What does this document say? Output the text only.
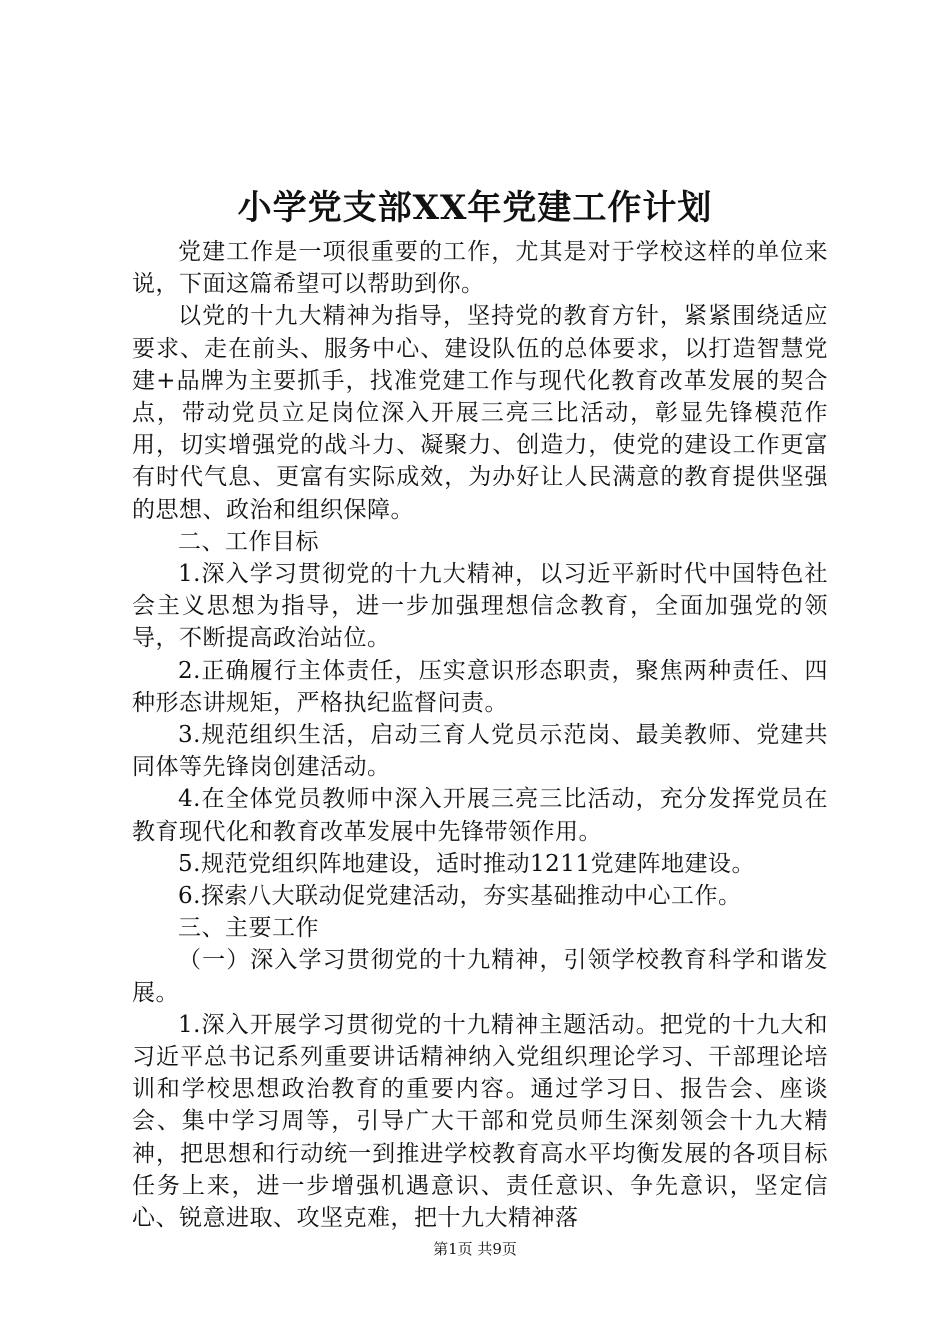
小学党支部XX年党建工作计划

党建工作是一项很重要的工作，尤其是对于学校这样的单位来说，下面这篇希望可以帮助到你。

以党的十九大精神为指导，坚持党的教育方针，紧紧围绕适应要求、走在前头、服务中心、建设队伍的总体要求，以打造智慧党建+品牌为主要抓手，找准党建工作与现代化教育改革发展的契合点，带动党员立足岗位深入开展三亮三比活动，彰显先锋模范作用，切实增强党的战斗力、凝聚力、创造力，使党的建设工作更富有时代气息、更富有实际成效，为办好让人民满意的教育提供坚强的思想、政治和组织保障。

二、工作目标

1.深入学习贯彻党的十九大精神，以习近平新时代中国特色社会主义思想为指导，进一步加强理想信念教育，全面加强党的领导，不断提高政治站位。

2.正确履行主体责任，压实意识形态职责，聚焦两种责任、四种形态讲规矩，严格执纪监督问责。

3.规范组织生活，启动三育人党员示范岗、最美教师、党建共同体等先锋岗创建活动。

4.在全体党员教师中深入开展三亮三比活动，充分发挥党员在教育现代化和教育改革发展中先锋带领作用。

5.规范党组织阵地建设，适时推动1211党建阵地建设。

6.探索八大联动促党建活动，夯实基础推动中心工作。

三、主要工作

（一）深入学习贯彻党的十九精神，引领学校教育科学和谐发展。

1.深入开展学习贯彻党的十九精神主题活动。把党的十九大和习近平总书记系列重要讲话精神纳入党组织理论学习、干部理论培训和学校思想政治教育的重要内容。通过学习日、报告会、座谈会、集中学习周等，引导广大干部和党员师生深刻领会十九大精神，把思想和行动统一到推进学校教育高水平均衡发展的各项目标任务上来，进一步增强机遇意识、责任意识、争先意识，坚定信心、锐意进取、攻坚克难，把十九大精神落

第1页 共9页
